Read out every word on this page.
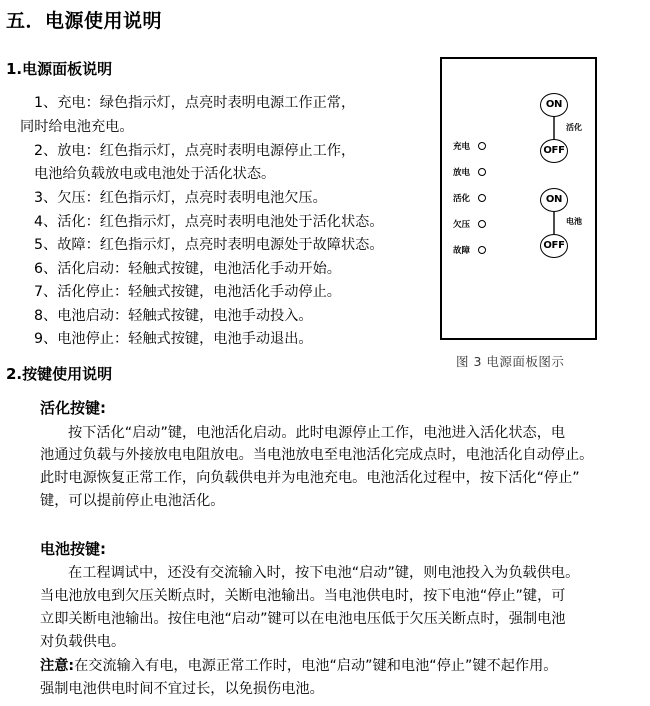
五．电源使用说明
1.电源面板说明
1、充电：绿色指示灯，点亮时表明电源工作正常，
同时给电池充电。
2、放电：红色指示灯，点亮时表明电源停止工作，
电池给负载放电或电池处于活化状态。
3、欠压：红色指示灯，点亮时表明电池欠压。
4、活化：红色指示灯，点亮时表明电池处于活化状态。
5、故障：红色指示灯，点亮时表明电源处于故障状态。
6、活化启动：轻触式按键，电池活化手动开始。
7、活化停止：轻触式按键，电池活化手动停止。
8、电池启动：轻触式按键，电池手动投入。
9、电池停止：轻触式按键，电池手动退出。
充电
放电
活化
欠压
故障
ON
OFF
活化
ON
OFF
电池
图 3 电源面板图示
2.按键使用说明
活化按键:
按下活化“启动”键，电池活化启动。此时电源停止工作，电池进入活化状态，电
池通过负载与外接放电电阻放电。当电池放电至电池活化完成点时，电池活化自动停止。
此时电源恢复正常工作，向负载供电并为电池充电。电池活化过程中，按下活化“停止”
键，可以提前停止电池活化。
电池按键:
在工程调试中，还没有交流输入时，按下电池“启动”键，则电池投入为负载供电。
当电池放电到欠压关断点时，关断电池输出。当电池供电时，按下电池“停止”键，可
立即关断电池输出。按住电池“启动”键可以在电池电压低于欠压关断点时，强制电池
对负载供电。
注意:在交流输入有电，电源正常工作时，电池“启动”键和电池“停止”键不起作用。
强制电池供电时间不宜过长，以免损伤电池。
